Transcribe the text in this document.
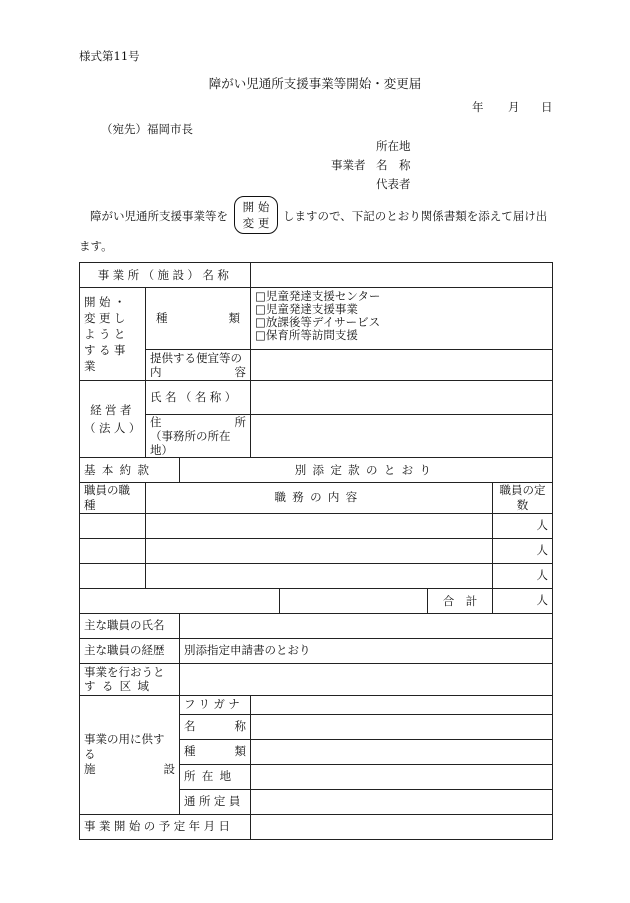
様式第11号
障がい児通所支援事業等開始・変更届
年 月 日
（宛先）福岡市長
所在地
事業者 名　称
代表者
障がい児通所支援事業等を
開 始
変 更	しますので、下記のとおり関係書類を添えて届け出
ます。
事業所（施設）名称					
開始・変更しようとする事業	種 類		□児童発達支援センター
□児童発達支援事業
□放課後等デイサービス
□保育所等訪問支援		

	提供する便宜等の
内 容				

経営者（法人）	氏名（名称）				

	住 所
（事務所の所在地）				
基本約款		別添定款のとおり			
職員の職種	職務の内容				職員の定数
					人
					人
					人

				合　計	人
主な職員の氏名					
主な職員の経歴		別添指定申請書のとおり			
事業を行おうと
する区域					
事業の用に供する
施 設		フリガナ			

		名 称			

		種 類			

		所在地			
		通所定員			
事業開始の予定年月日					
